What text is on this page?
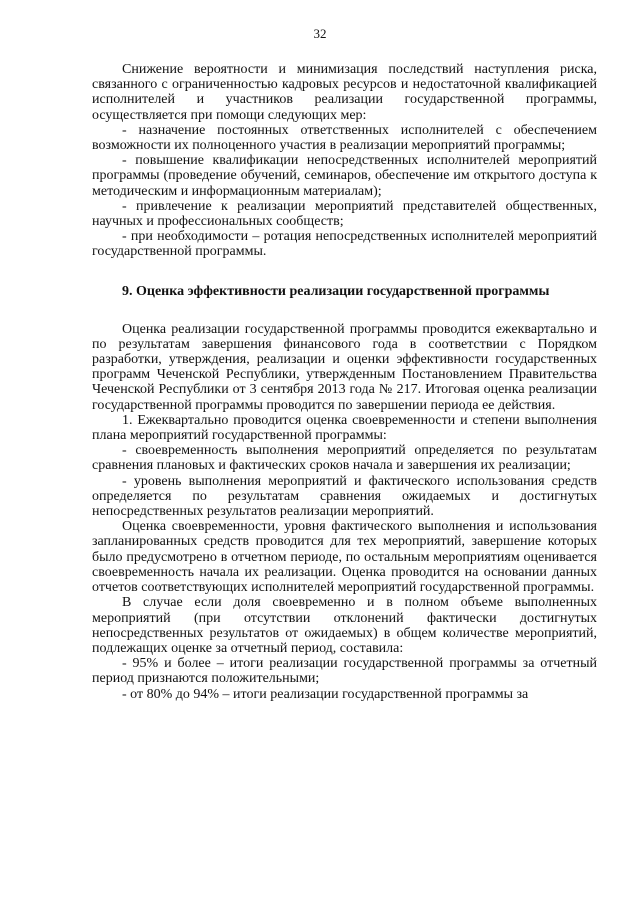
32

Снижение вероятности и минимизация последствий наступления риска, связанного с ограниченностью кадровых ресурсов и недостаточной квалификацией исполнителей и участников реализации государственной программы, осуществляется при помощи следующих мер:

- назначение постоянных ответственных исполнителей с обеспечением возможности их полноценного участия в реализации мероприятий программы;

- повышение квалификации непосредственных исполнителей мероприятий программы (проведение обучений, семинаров, обеспечение им открытого доступа к методическим и информационным материалам);

- привлечение к реализации мероприятий представителей общественных, научных и профессиональных сообществ;

- при необходимости – ротация непосредственных исполнителей мероприятий государственной программы.

9. Оценка эффективности реализации государственной программы

Оценка реализации государственной программы проводится ежеквартально и по результатам завершения финансового года в соответствии с Порядком разработки, утверждения, реализации и оценки эффективности государственных программ Чеченской Республики, утвержденным Постановлением Правительства Чеченской Республики от 3 сентября 2013 года № 217. Итоговая оценка реализации государственной программы проводится по завершении периода ее действия.

1. Ежеквартально проводится оценка своевременности и степени выполнения плана мероприятий государственной программы:

- своевременность выполнения мероприятий определяется по результатам сравнения плановых и фактических сроков начала и завершения их реализации;

- уровень выполнения мероприятий и фактического использования средств определяется по результатам сравнения ожидаемых и достигнутых непосредственных результатов реализации мероприятий.

Оценка своевременности, уровня фактического выполнения и использования запланированных средств проводится для тех мероприятий, завершение которых было предусмотрено в отчетном периоде, по остальным мероприятиям оценивается своевременность начала их реализации. Оценка проводится на основании данных отчетов соответствующих исполнителей мероприятий государственной программы.

В случае если доля своевременно и в полном объеме выполненных мероприятий (при отсутствии отклонений фактически достигнутых непосредственных результатов от ожидаемых) в общем количестве мероприятий, подлежащих оценке за отчетный период, составила:

- 95% и более – итоги реализации государственной программы за отчетный период признаются положительными;

- от 80% до 94% – итоги реализации государственной программы за
